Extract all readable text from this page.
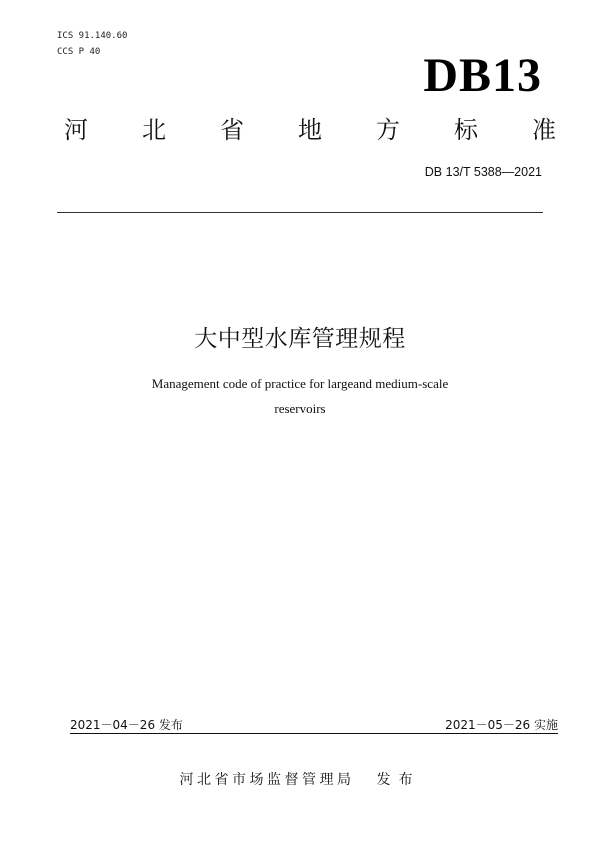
ICS 91.140.60
CCS P 40	DB13
河 北 省 地 方 标 准
DB 13/T 5388—2021
大中型水库管理规程
Management code of practice for largeand medium-scale
reservoirs
2021－04－26 发布	2021－05－26 实施
河北省市场监督管理局 发布
